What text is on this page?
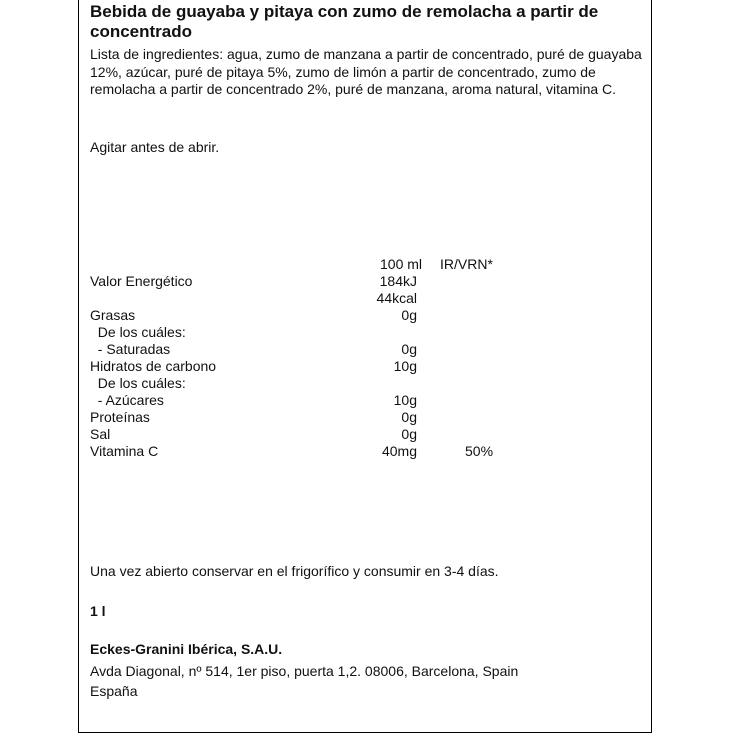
Bebida de guayaba y pitaya con zumo de remolacha a partir de concentrado
Lista de ingredientes: agua, zumo de manzana a partir de concentrado, puré de guayaba 12%, azúcar, puré de pitaya 5%, zumo de limón a partir de concentrado, zumo de remolacha a partir de concentrado 2%, puré de manzana, aroma natural, vitamina C.
Agitar antes de abrir.
100 ml IR/VRN*
Valor Energético	184kJ
44kcal
Grasas	0g
De los cuáles:
- Saturadas	0g
Hidratos de carbono	10g
De los cuáles:
- Azúcares	10g
Proteínas	0g
Sal	0g
Vitamina C	40mg	50%
Una vez abierto conservar en el frigorífico y consumir en 3-4 días.
1 l
Eckes-Granini Ibérica, S.A.U.
Avda Diagonal, nº 514, 1er piso, puerta 1,2. 08006, Barcelona, Spain
España
